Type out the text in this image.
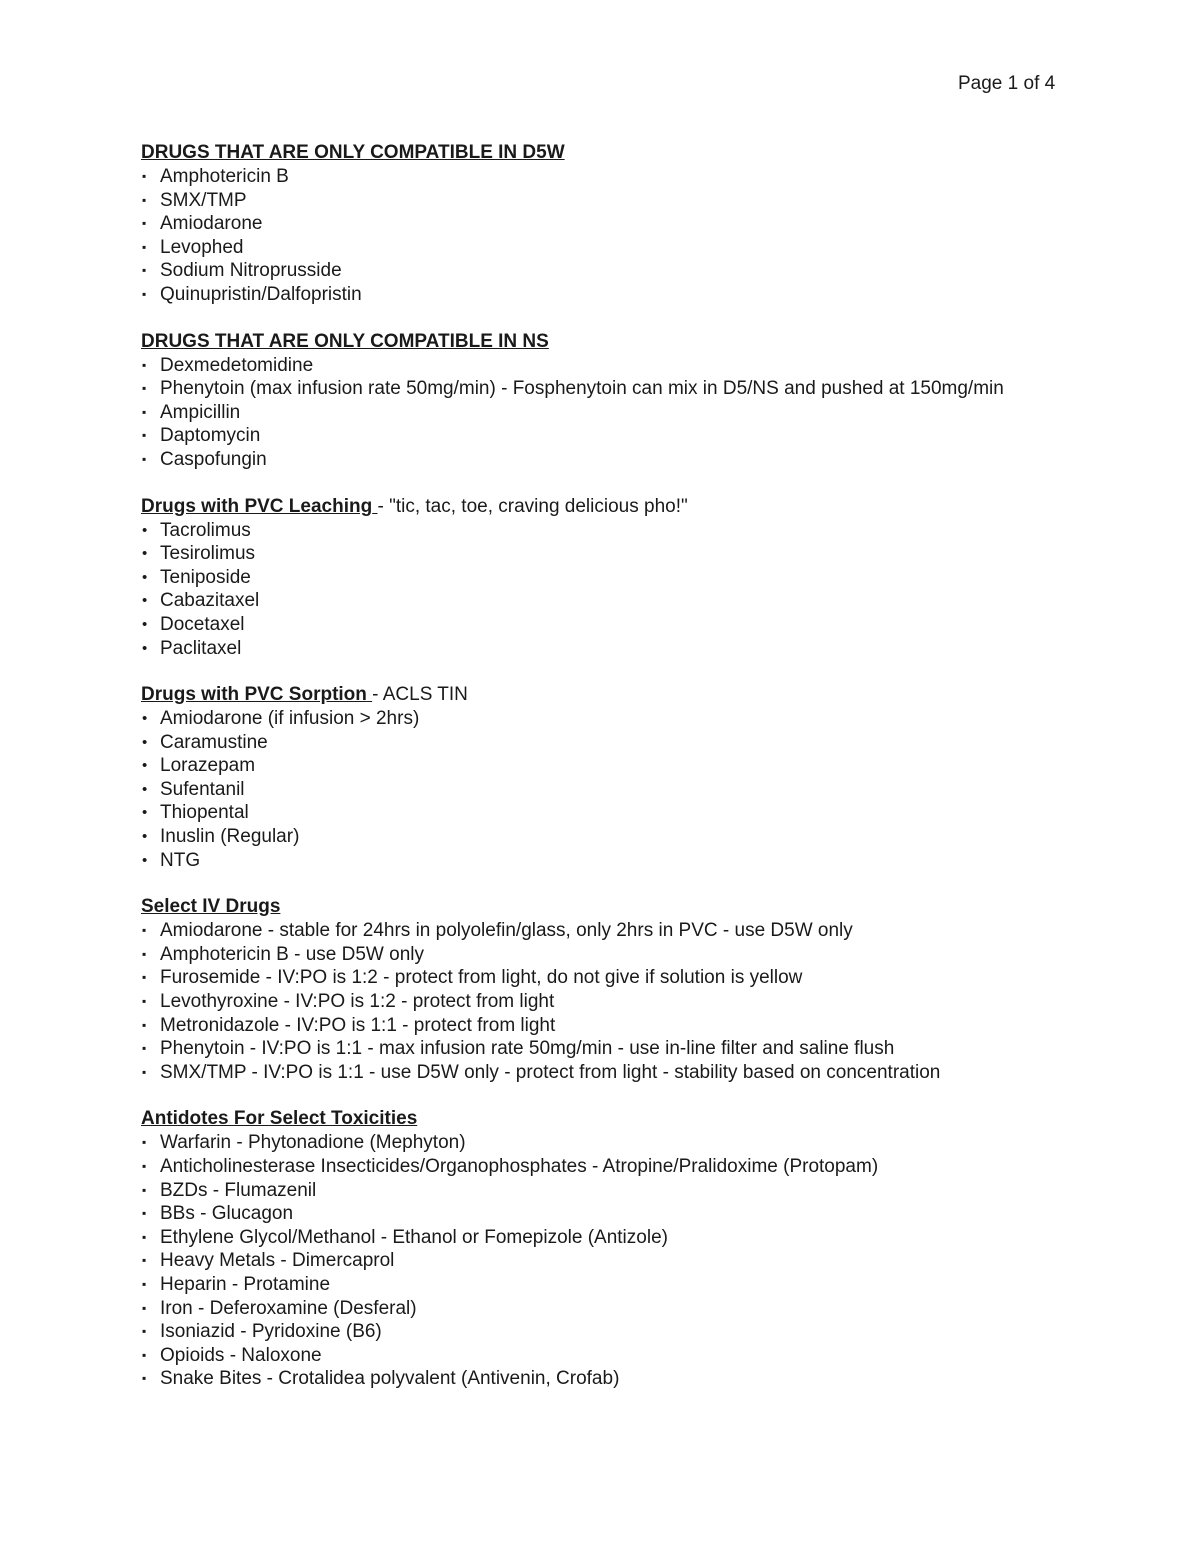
Page 1 of 4
DRUGS THAT ARE ONLY COMPATIBLE IN D5W
▪ Amphotericin B
▪ SMX/TMP
▪ Amiodarone
▪ Levophed
▪ Sodium Nitroprusside
▪ Quinupristin/Dalfopristin
DRUGS THAT ARE ONLY COMPATIBLE IN NS
▪ Dexmedetomidine
▪ Phenytoin (max infusion rate 50mg/min) - Fosphenytoin can mix in D5/NS and pushed at 150mg/min
▪ Ampicillin
▪ Daptomycin
▪ Caspofungin
Drugs with PVC Leaching - "tic, tac, toe, craving delicious pho!"
• Tacrolimus
• Tesirolimus
• Teniposide
• Cabazitaxel
• Docetaxel
• Paclitaxel
Drugs with PVC Sorption - ACLS TIN
• Amiodarone (if infusion > 2hrs)
• Caramustine
• Lorazepam
• Sufentanil
• Thiopental
• Inuslin (Regular)
• NTG
Select IV Drugs
▪ Amiodarone - stable for 24hrs in polyolefin/glass, only 2hrs in PVC - use D5W only
▪ Amphotericin B - use D5W only
▪ Furosemide - IV:PO is 1:2 - protect from light, do not give if solution is yellow
▪ Levothyroxine - IV:PO is 1:2 - protect from light
▪ Metronidazole - IV:PO is 1:1 - protect from light
▪ Phenytoin - IV:PO is 1:1 - max infusion rate 50mg/min - use in-line filter and saline flush
▪ SMX/TMP - IV:PO is 1:1 - use D5W only - protect from light - stability based on concentration
Antidotes For Select Toxicities
▪ Warfarin - Phytonadione (Mephyton)
▪ Anticholinesterase Insecticides/Organophosphates - Atropine/Pralidoxime (Protopam)
▪ BZDs - Flumazenil
▪ BBs - Glucagon
▪ Ethylene Glycol/Methanol - Ethanol or Fomepizole (Antizole)
▪ Heavy Metals - Dimercaprol
▪ Heparin - Protamine
▪ Iron - Deferoxamine (Desferal)
▪ Isoniazid - Pyridoxine (B6)
▪ Opioids - Naloxone
▪ Snake Bites - Crotalidea polyvalent (Antivenin, Crofab)
